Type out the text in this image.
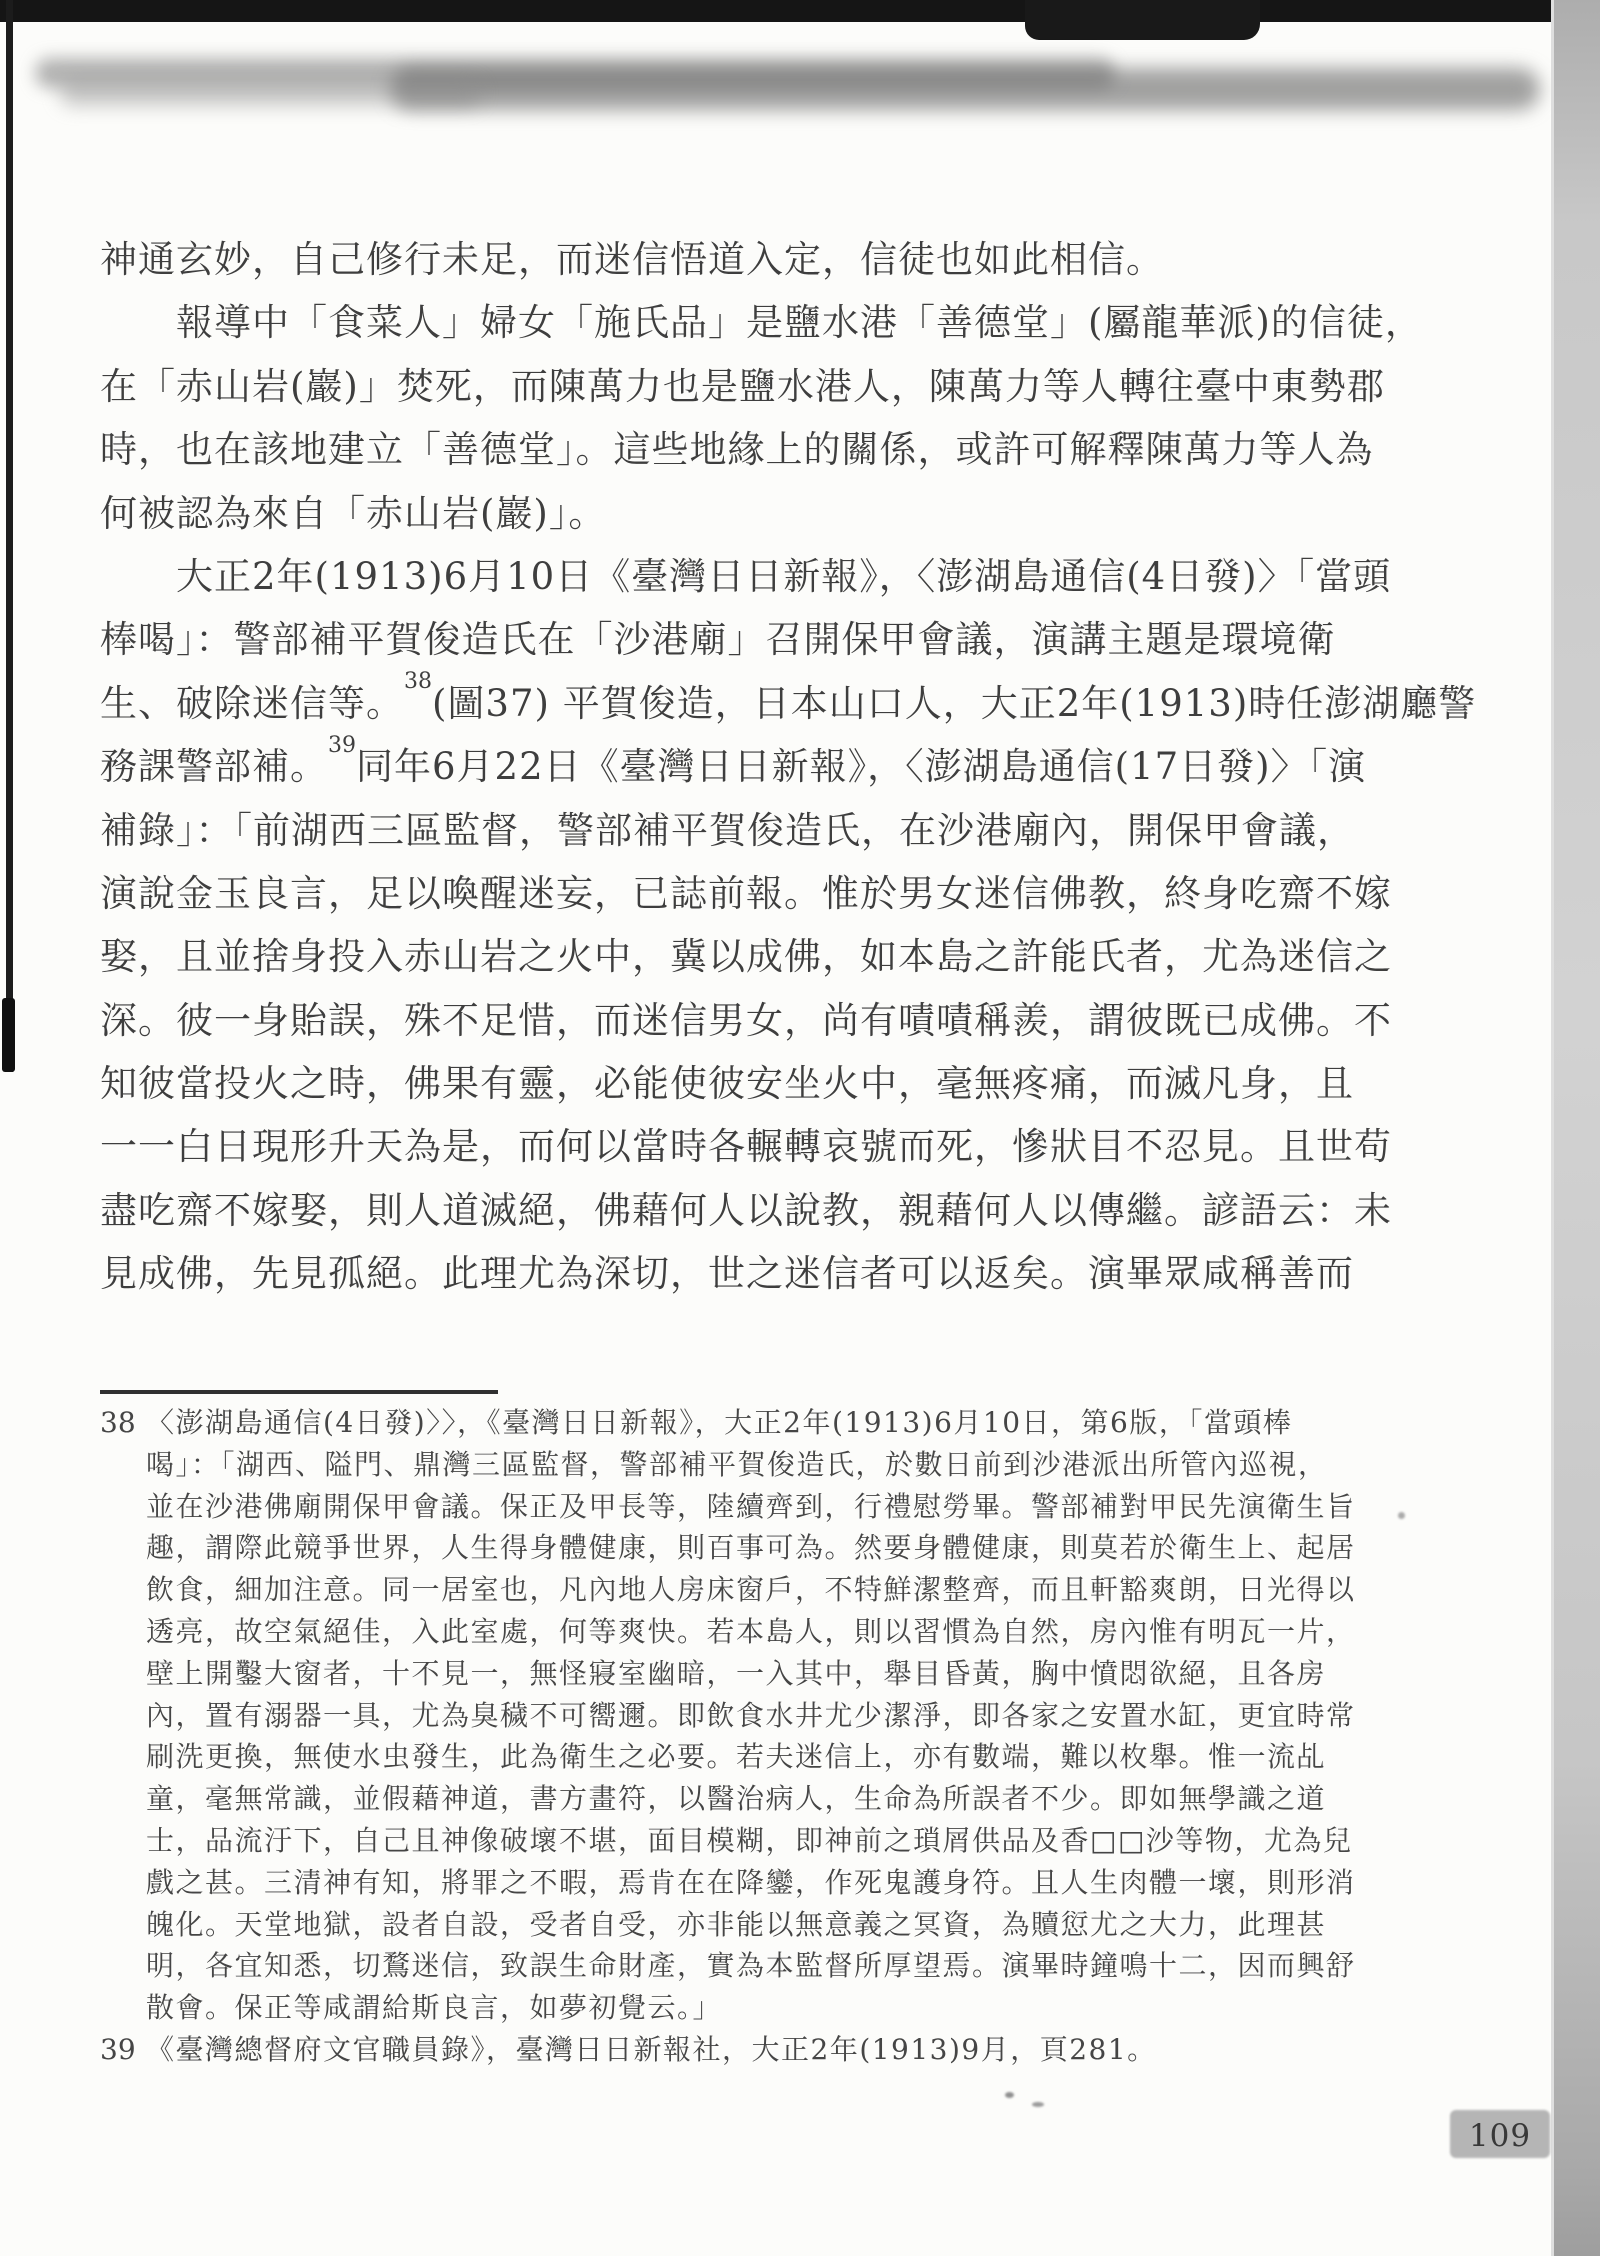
神通玄妙，自己修行未足，而迷信悟道入定，信徒也如此相信。
報導中「食菜人」婦女「施氏品」是鹽水港「善德堂」(屬龍華派)的信徒，
在「赤山岩(巖)」焚死，而陳萬力也是鹽水港人，陳萬力等人轉往臺中東勢郡
時，也在該地建立「善德堂」。這些地緣上的關係，或許可解釋陳萬力等人為
何被認為來自「赤山岩(巖)」。
大正2年(1913)6月10日《臺灣日日新報》，〈澎湖島通信(4日發)〉「當頭
棒喝」：警部補平賀俊造氏在「沙港廟」召開保甲會議，演講主題是環境衛
生、破除迷信等。$^{38}$(圖37) 平賀俊造，日本山口人，大正2年(1913)時任澎湖廳警
務課警部補。$^{39}$同年6月22日《臺灣日日新報》，〈澎湖島通信(17日發)〉「演
補錄」：「前湖西三區監督，警部補平賀俊造氏，在沙港廟內，開保甲會議，
演說金玉良言，足以喚醒迷妄，已誌前報。惟於男女迷信佛教，終身吃齋不嫁
娶，且並捨身投入赤山岩之火中，冀以成佛，如本島之許能氏者，尤為迷信之
深。彼一身貽誤，殊不足惜，而迷信男女，尚有嘖嘖稱羨，謂彼既已成佛。不
知彼當投火之時，佛果有靈，必能使彼安坐火中，毫無疼痛，而滅凡身，且
一一白日現形升天為是，而何以當時各輾轉哀號而死，慘狀目不忍見。且世苟
盡吃齋不嫁娶，則人道滅絕，佛藉何人以說教，親藉何人以傳繼。諺語云：未
見成佛，先見孤絕。此理尤為深切，世之迷信者可以返矣。演畢眾咸稱善而
38 〈澎湖島通信(4日發)〉〉，《臺灣日日新報》，大正2年(1913)6月10日，第6版，「當頭棒
喝」：「湖西、隘門、鼎灣三區監督，警部補平賀俊造氏，於數日前到沙港派出所管內巡視，
並在沙港佛廟開保甲會議。保正及甲長等，陸續齊到，行禮慰勞畢。警部補對甲民先演衛生旨
趣，謂際此競爭世界，人生得身體健康，則百事可為。然要身體健康，則莫若於衛生上、起居
飲食，細加注意。同一居室也，凡內地人房床窗戶，不特鮮潔整齊，而且軒豁爽朗，日光得以
透亮，故空氣絕佳，入此室處，何等爽快。若本島人，則以習慣為自然，房內惟有明瓦一片，
壁上開鑿大窗者，十不見一，無怪寢室幽暗，一入其中，舉目昏黃，胸中憤悶欲絕，且各房
內，置有溺器一具，尤為臭穢不可嚮邇。即飲食水井尤少潔淨，即各家之安置水缸，更宜時常
刷洗更換，無使水虫發生，此為衛生之必要。若夫迷信上，亦有數端，難以枚舉。惟一流乩
童，毫無常識，並假藉神道，書方畫符，以醫治病人，生命為所誤者不少。即如無學識之道
士，品流汙下，自己且神像破壞不堪，面目模糊，即神前之瑣屑供品及香□□沙等物，尤為兒
戲之甚。三清神有知，將罪之不暇，焉肯在在降鑾，作死鬼護身符。且人生肉體一壞，則形消
魄化。天堂地獄，設者自設，受者自受，亦非能以無意義之冥資，為贖愆尤之大力，此理甚
明，各宜知悉，切鶩迷信，致誤生命財產，實為本監督所厚望焉。演畢時鐘鳴十二，因而興舒
散會。保正等咸謂給斯良言，如夢初覺云。」
39 《臺灣總督府文官職員錄》，臺灣日日新報社，大正2年(1913)9月，頁281。
109
